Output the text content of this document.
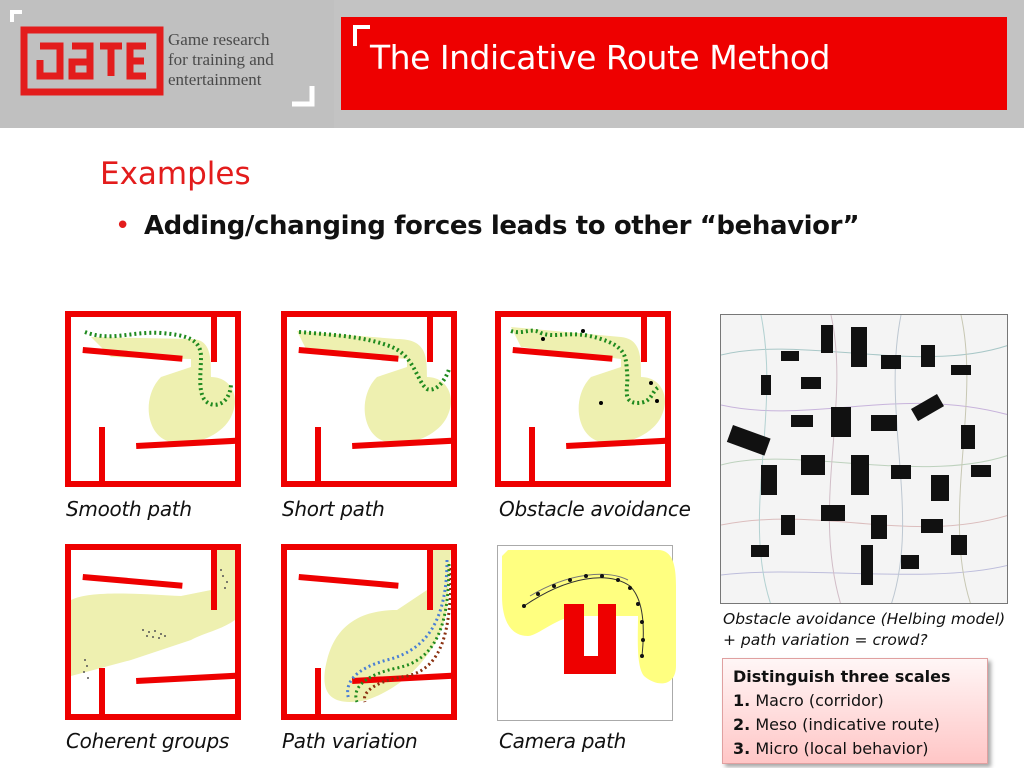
Game research
for training and
entertainment
The Indicative Route Method
Examples
• Adding/changing forces leads to other “behavior”
Smooth path	Short path	Obstacle avoidance
Coherent groups	Path variation	Camera path
Obstacle avoidance (Helbing model)
+ path variation = crowd?
Distinguish three scales
1. Macro (corridor)
2. Meso (indicative route)
3. Micro (local behavior)
